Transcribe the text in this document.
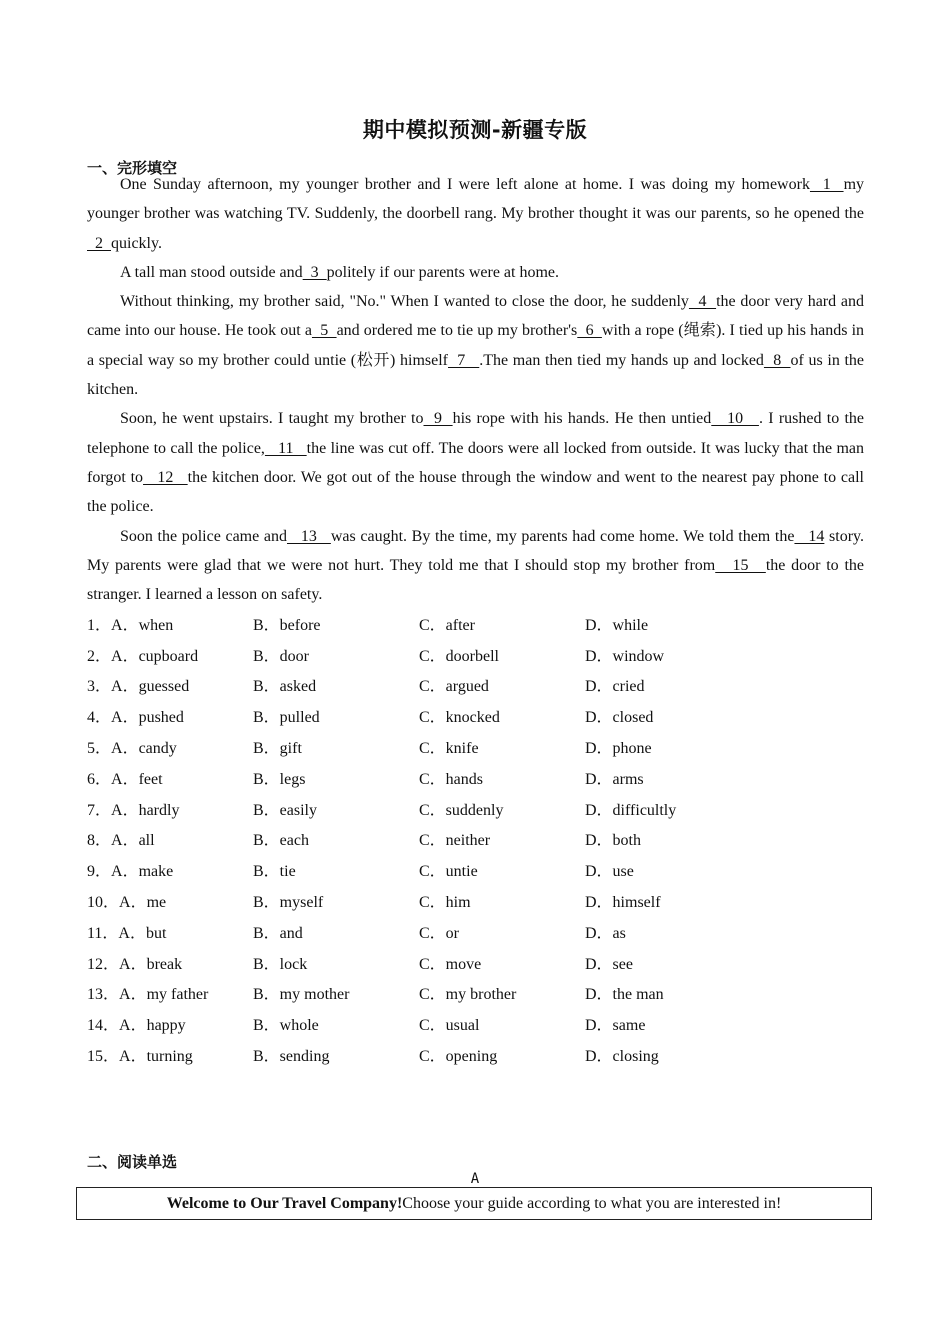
期中模拟预测-新疆专版
一、完形填空

One Sunday afternoon, my younger brother and I were left alone at home. I was doing my homework  1  my younger brother was watching TV. Suddenly, the doorbell rang. My brother thought it was our parents, so he opened the  2  quickly.

A tall man stood outside and  3  politely if our parents were at home.

Without thinking, my brother said, "No." When I wanted to close the door, he suddenly  4  the door very hard and came into our house. He took out a  5  and ordered me to tie up my brother's  6  with a rope (绳索). I tied up his hands in a special way so my brother could untie (松开) himself  7   .The man then tied my hands up and locked  8  of us in the kitchen.

Soon, he went upstairs. I taught my brother to  9  his rope with his hands. He then untied   10   . I rushed to the telephone to call the police,   11   the line was cut off. The doors were all locked from outside. It was lucky that the man forgot to   12   the kitchen door. We got out of the house through the window and went to the nearest pay phone to call the police.

Soon the police came and   13   was caught. By the time, my parents had come home. We told them the   14 story. My parents were glad that we were not hurt. They told me that I should stop my brother from   15   the door to the stranger. I learned a lesson on safety.

1．A．when	B．before	C．after	D．while
2．A．cupboard	B．door	C．doorbell	D．window
3．A．guessed	B．asked	C．argued	D．cried
4．A．pushed	B．pulled	C．knocked	D．closed
5．A．candy	B．gift	C．knife	D．phone
6．A．feet	B．legs	C．hands	D．arms
7．A．hardly	B．easily	C．suddenly	D．difficultly
8．A．all	B．each	C．neither	D．both
9．A．make	B．tie	C．untie	D．use
10．A．me	B．myself	C．him	D．himself
11．A．but	B．and	C．or	D．as
12．A．break	B．lock	C．move	D．see
13．A．my father	B．my mother	C．my brother	D．the man
14．A．happy	B．whole	C．usual	D．same
15．A．turning	B．sending	C．opening	D．closing
二、阅读单选
A
Welcome to Our Travel Company! Choose your guide according to what you are interested in!
